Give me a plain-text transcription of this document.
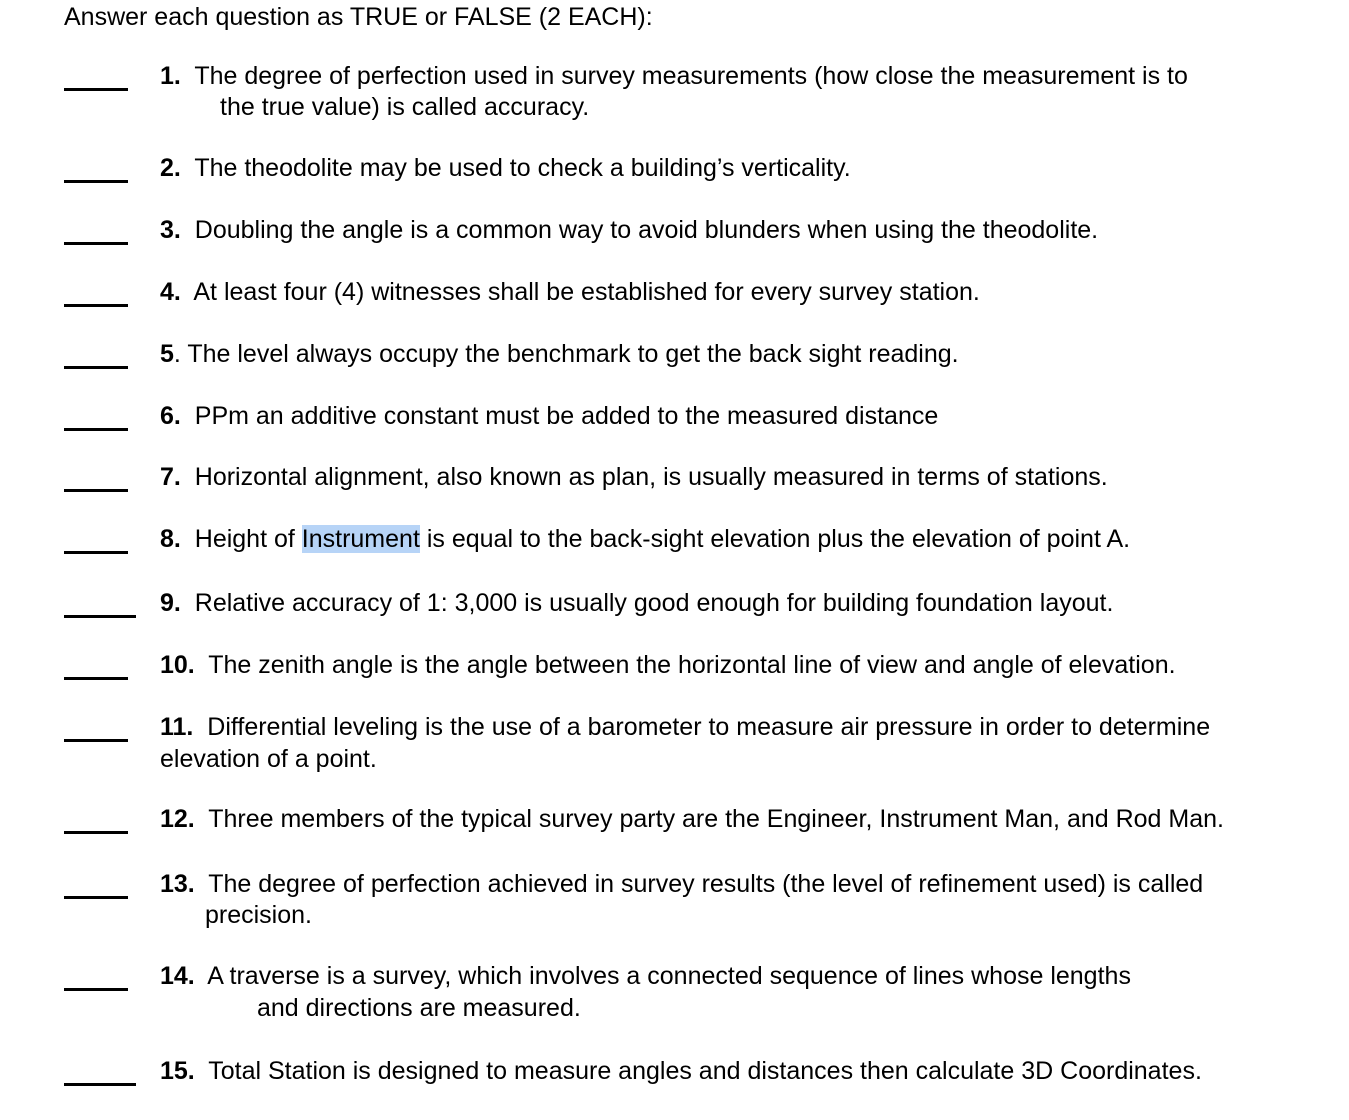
Answer each question as TRUE or FALSE (2 EACH):
1. The degree of perfection used in survey measurements (how close the measurement is to
the true value) is called accuracy.
2. The theodolite may be used to check a building’s verticality.
3. Doubling the angle is a common way to avoid blunders when using the theodolite.
4. At least four (4) witnesses shall be established for every survey station.
5. The level always occupy the benchmark to get the back sight reading.
6. PPm an additive constant must be added to the measured distance
7. Horizontal alignment, also known as plan, is usually measured in terms of stations.
8. Height of Instrument is equal to the back-sight elevation plus the elevation of point A.
9. Relative accuracy of 1: 3,000 is usually good enough for building foundation layout.
10. The zenith angle is the angle between the horizontal line of view and angle of elevation.
11. Differential leveling is the use of a barometer to measure air pressure in order to determine
elevation of a point.
12. Three members of the typical survey party are the Engineer, Instrument Man, and Rod Man.
13. The degree of perfection achieved in survey results (the level of refinement used) is called
precision.
14. A traverse is a survey, which involves a connected sequence of lines whose lengths
and directions are measured.
15. Total Station is designed to measure angles and distances then calculate 3D Coordinates.
